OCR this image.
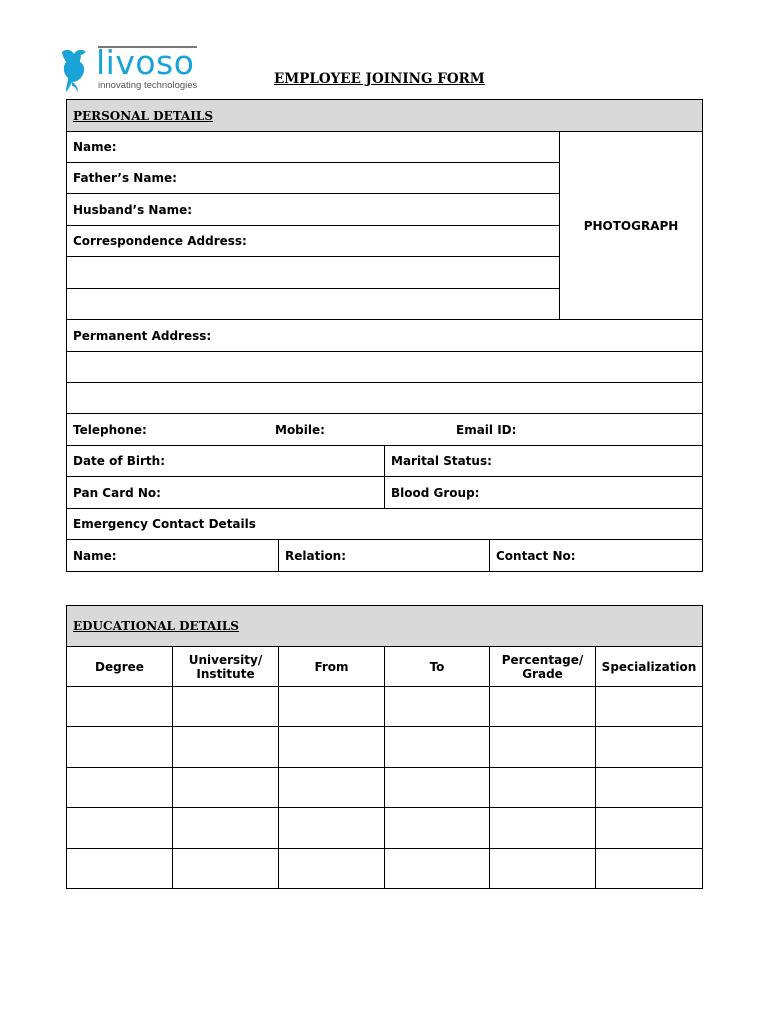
livoso
innovating technologies	EMPLOYEE JOINING FORM
PERSONAL DETAILS				
Name:				PHOTOGRAPH
Father’s Name:				
Husband’s Name:				
Correspondence Address:				

Permanent Address:				

Telephone: Mobile: Email ID:				

Date of Birth:		Marital Status:		
Pan Card No:		Blood Group:		
Emergency Contact Details				
Name:	Relation:		Contact No:	
EDUCATIONAL DETAILS					
Degree	University/ Institute	From	To	Percentage/ Grade	Specialization
